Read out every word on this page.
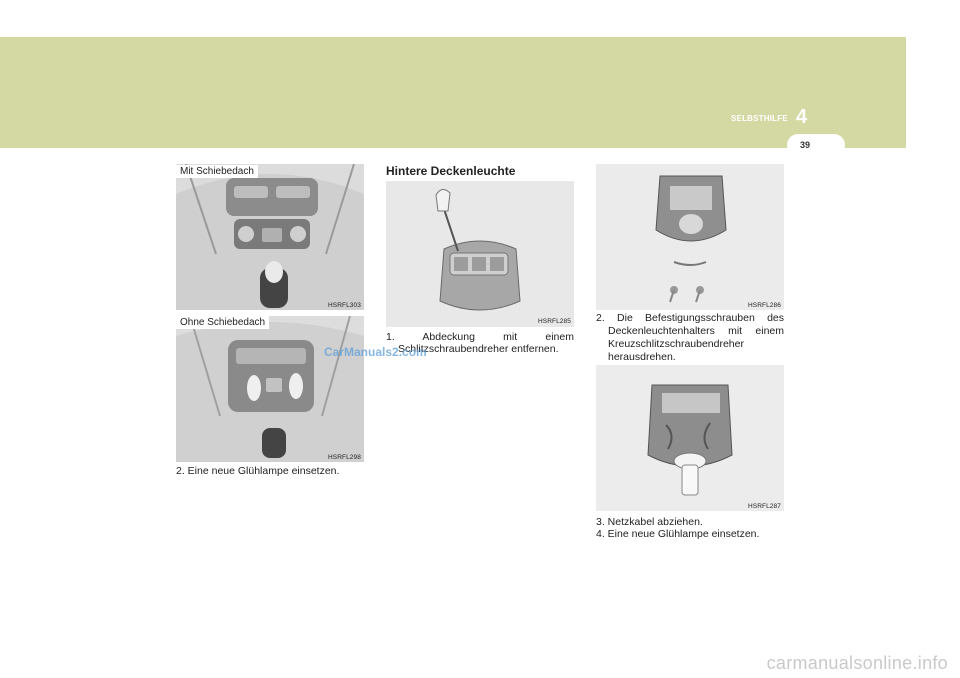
SELBSTHILFE 4
39
Mit Schiebedach
HSRFL303
Ohne Schiebedach
HSRFL298
2. Eine neue Glühlampe einsetzen.
Hintere Deckenleuchte
HSRFL285
1. Abdeckung mit einem
Schlitzschraubendreher entfernen.
CarManuals2.com
HSRFL286
2. Die Befestigungsschrauben des
Deckenleuchtenhalters mit einem
Kreuzschlitzschraubendreher
herausdrehen.
HSRFL287
3. Netzkabel abziehen.
4. Eine neue Glühlampe einsetzen.
carmanualsonline.info
